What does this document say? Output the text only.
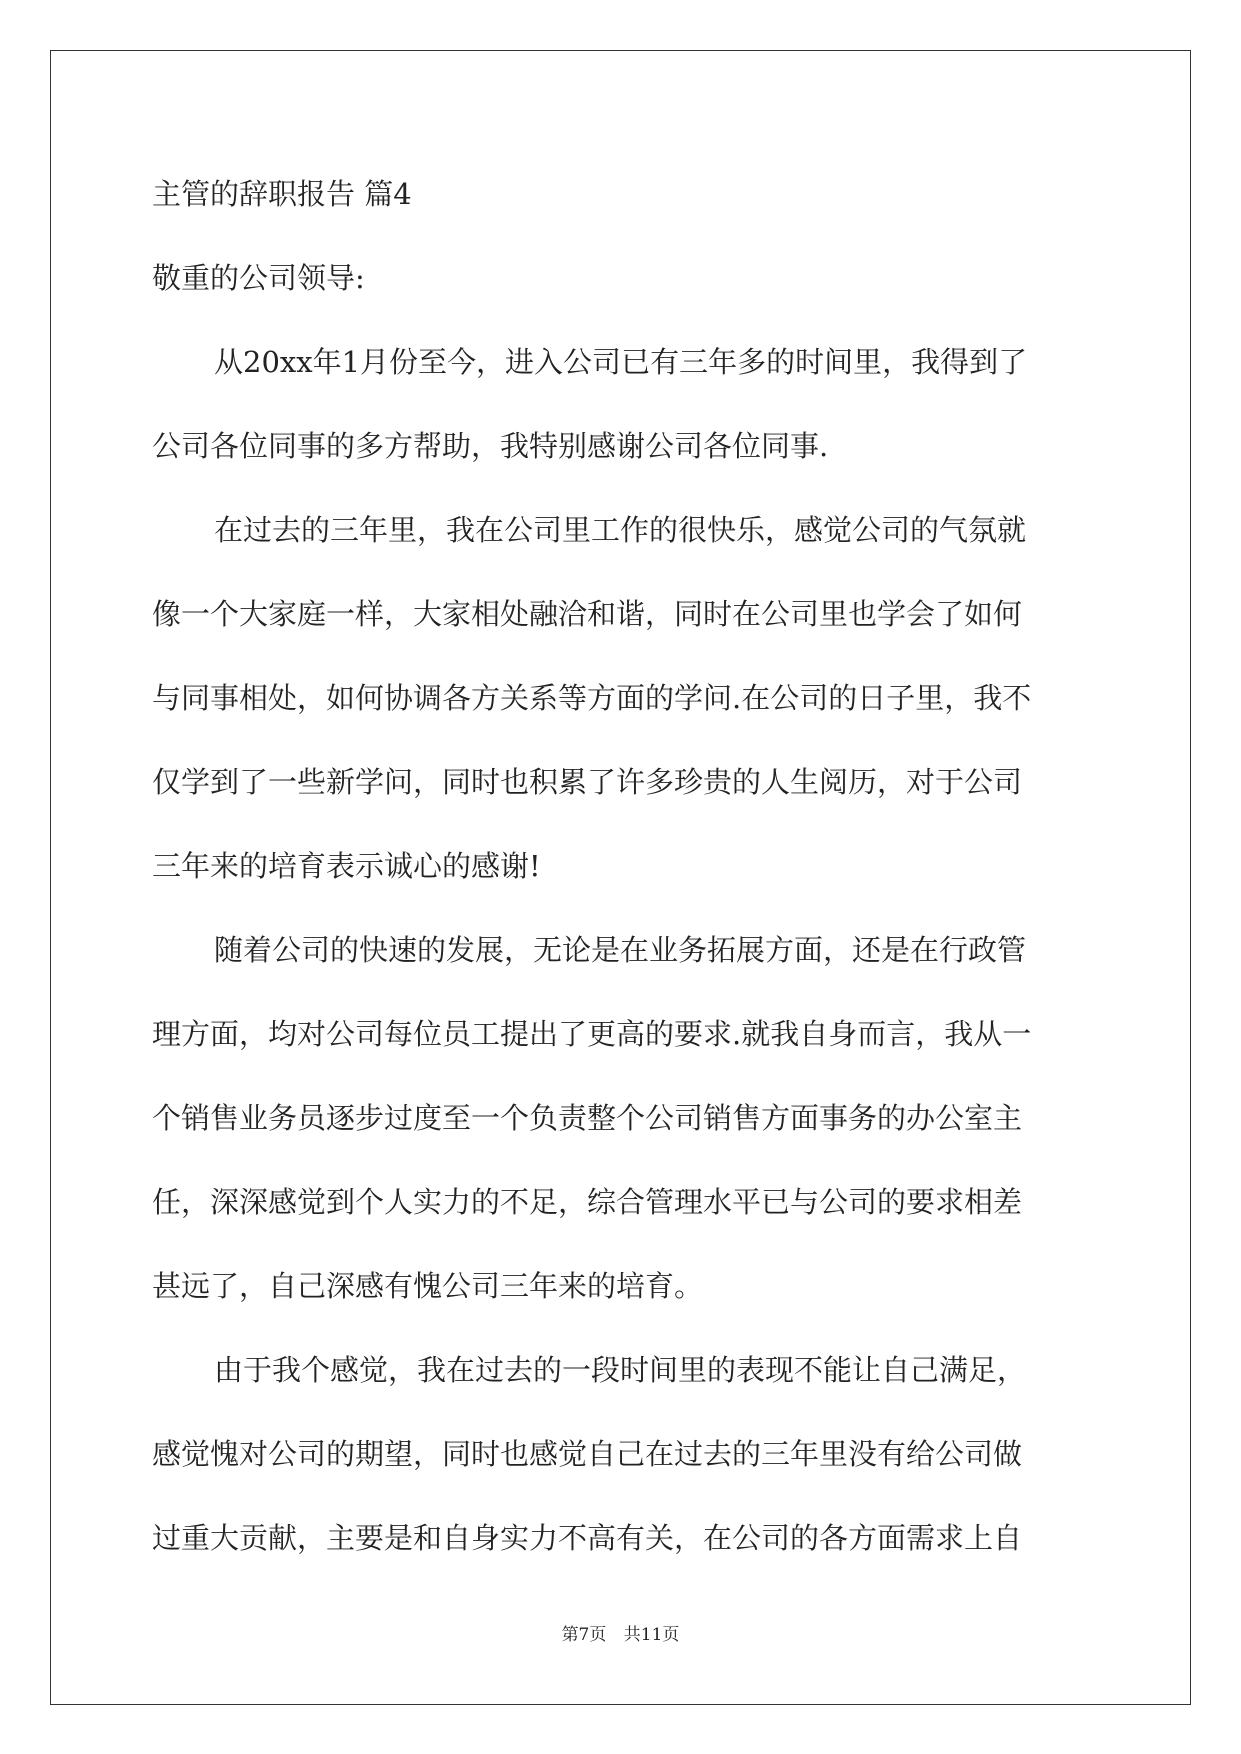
主管的辞职报告 篇4

敬重的公司领导:

从20xx年1月份至今，进入公司已有三年多的时间里，我得到了

公司各位同事的多方帮助，我特别感谢公司各位同事.

在过去的三年里，我在公司里工作的很快乐，感觉公司的气氛就

像一个大家庭一样，大家相处融洽和谐，同时在公司里也学会了如何

与同事相处，如何协调各方关系等方面的学问.在公司的日子里，我不

仅学到了一些新学问，同时也积累了许多珍贵的人生阅历，对于公司

三年来的培育表示诚心的感谢!

随着公司的快速的发展，无论是在业务拓展方面，还是在行政管

理方面，均对公司每位员工提出了更高的要求.就我自身而言，我从一

个销售业务员逐步过度至一个负责整个公司销售方面事务的办公室主

任，深深感觉到个人实力的不足，综合管理水平已与公司的要求相差

甚远了，自己深感有愧公司三年来的培育。

由于我个感觉，我在过去的一段时间里的表现不能让自己满足，

感觉愧对公司的期望，同时也感觉自己在过去的三年里没有给公司做

过重大贡献，主要是和自身实力不高有关，在公司的各方面需求上自

第7页 共11页
